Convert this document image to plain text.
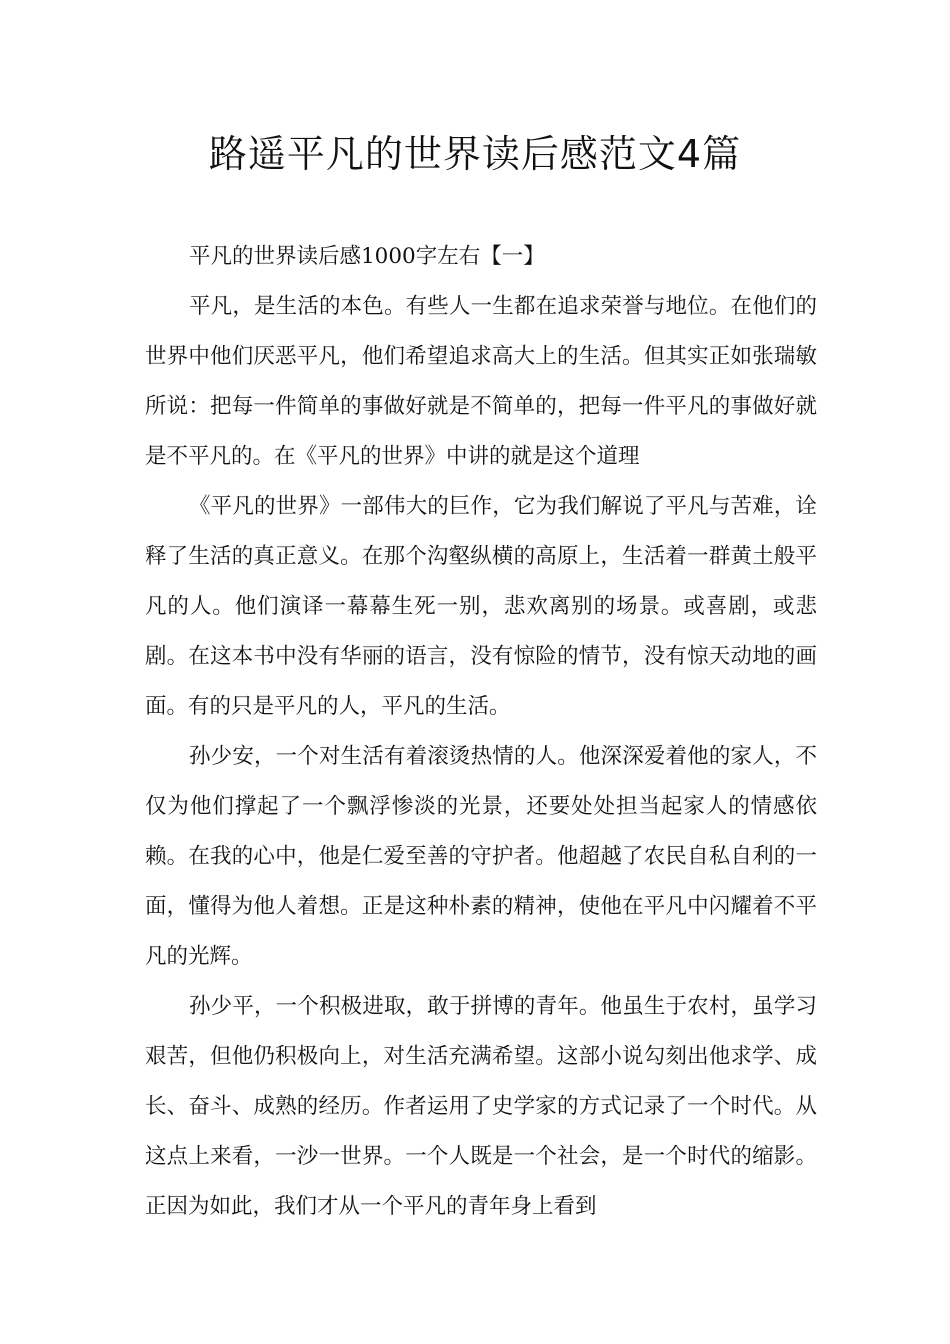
路遥平凡的世界读后感范文4篇

平凡的世界读后感1000字左右【一】

平凡，是生活的本色。有些人一生都在追求荣誉与地位。在他们的世界中他们厌恶平凡，他们希望追求高大上的生活。但其实正如张瑞敏所说：把每一件简单的事做好就是不简单的，把每一件平凡的事做好就是不平凡的。在《平凡的世界》中讲的就是这个道理

《平凡的世界》一部伟大的巨作，它为我们解说了平凡与苦难，诠释了生活的真正意义。在那个沟壑纵横的高原上，生活着一群黄土般平凡的人。他们演译一幕幕生死一别，悲欢离别的场景。或喜剧，或悲剧。在这本书中没有华丽的语言，没有惊险的情节，没有惊天动地的画面。有的只是平凡的人，平凡的生活。

孙少安，一个对生活有着滚烫热情的人。他深深爱着他的家人，不仅为他们撑起了一个飘浮惨淡的光景，还要处处担当起家人的情感依赖。在我的心中，他是仁爱至善的守护者。他超越了农民自私自利的一面，懂得为他人着想。正是这种朴素的精神，使他在平凡中闪耀着不平凡的光辉。

孙少平，一个积极进取，敢于拼博的青年。他虽生于农村，虽学习艰苦，但他仍积极向上，对生活充满希望。这部小说勾刻出他求学、成长、奋斗、成熟的经历。作者运用了史学家的方式记录了一个时代。从这点上来看，一沙一世界。一个人既是一个社会，是一个时代的缩影。正因为如此，我们才从一个平凡的青年身上看到
